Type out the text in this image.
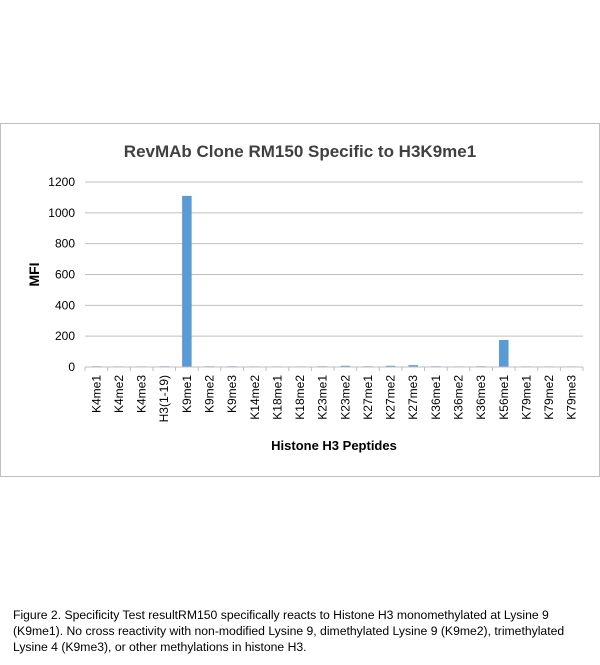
RevMAb Clone RM150 Specific to H3K9me1
0
200
400
600
800
1000
1200
K4me1 K4me2 K4me3 H3(1-19) K9me1 K9me2 K9me3 K14me2 K18me1 K18me2 K23me1 K23me2 K27me1 K27me2 K27me3 K36me1 K36me2 K36me3 K56me1 K79me1 K79me2 K79me3
MFI
Histone H3 Peptides
Figure 2. Specificity Test resultRM150 specifically reacts to Histone H3 monomethylated at Lysine 9 (K9me1). No cross reactivity with non-modified Lysine 9, dimethylated Lysine 9 (K9me2), trimethylated Lysine 4 (K9me3), or other methylations in histone H3.
